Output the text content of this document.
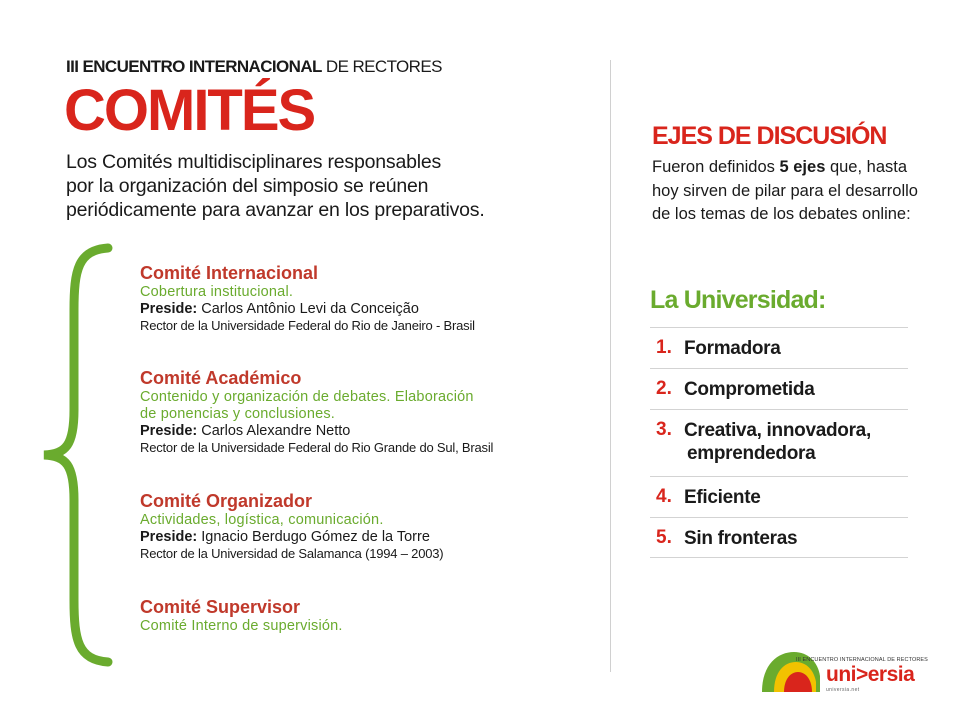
III ENCUENTRO INTERNACIONAL DE RECTORES
COMITÉS
Los Comités multidisciplinares responsables
por la organización del simposio se reúnen
periódicamente para avanzar en los preparativos.
Comité Internacional
Cobertura institucional.
Preside: Carlos Antônio Levi da Conceição
Rector de la Universidade Federal do Rio de Janeiro - Brasil
Comité Académico
Contenido y organización de debates. Elaboración
de ponencias y conclusiones.
Preside: Carlos Alexandre Netto
Rector de la Universidade Federal do Rio Grande do Sul, Brasil
Comité Organizador
Actividades, logística, comunicación.
Preside: Ignacio Berdugo Gómez de la Torre
Rector de la Universidad de Salamanca (1994 – 2003)
Comité Supervisor
Comité Interno de supervisión.
EJES DE DISCUSIÓN
Fueron definidos 5 ejes que, hasta hoy sirven de pilar para el desarrollo de los temas de los debates online:
La Universidad:
1. Formadora
2. Comprometida
3. Creativa, innovadora,
emprendedora
4. Eficiente
5. Sin fronteras
III ENCUENTRO INTERNACIONAL DE RECTORES
uni>ersia
universia.net
